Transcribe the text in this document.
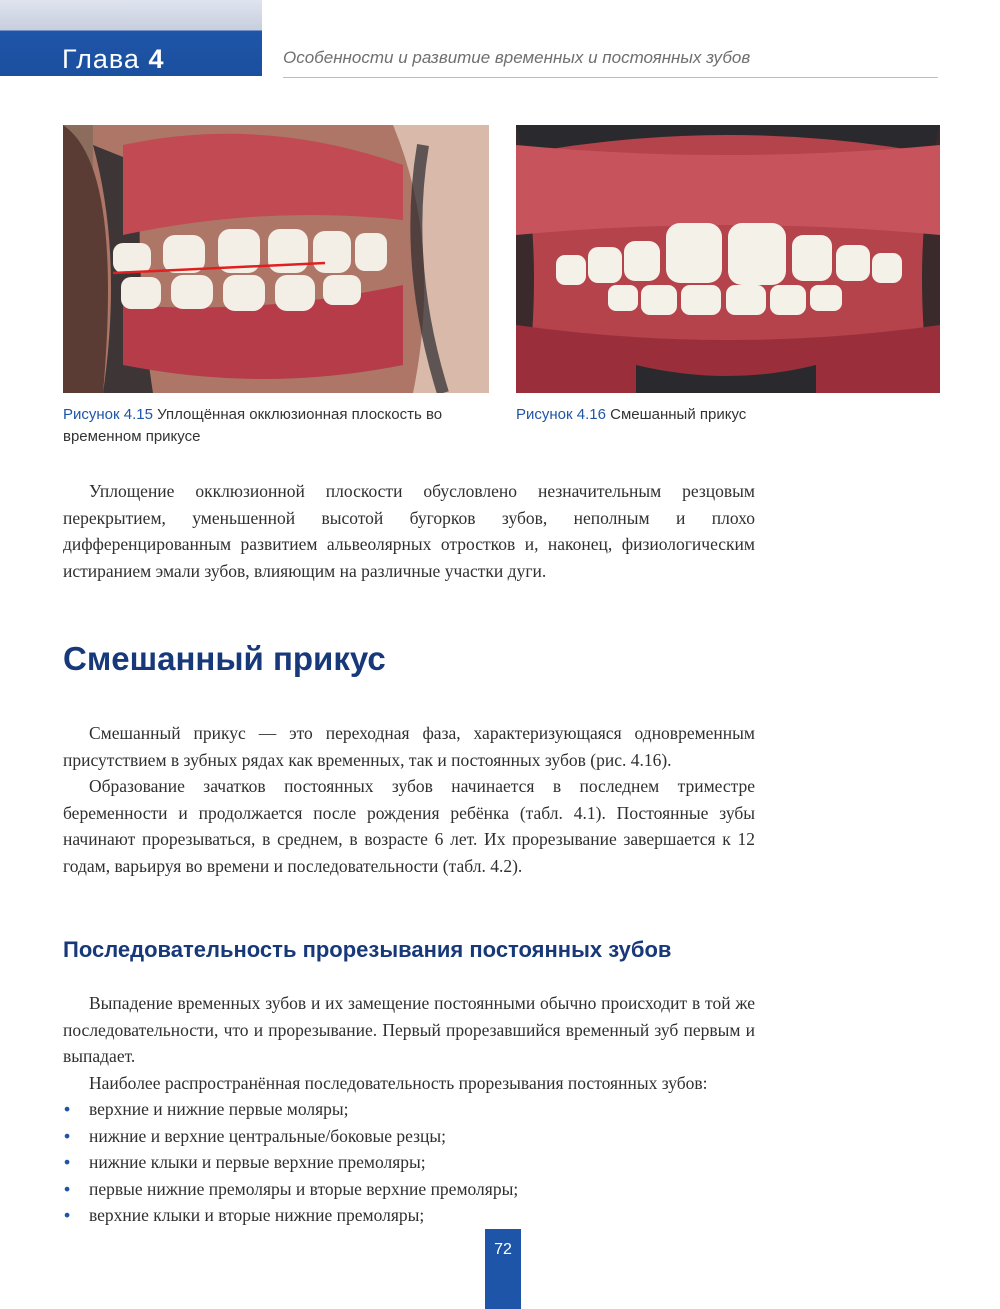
Глава 4	Особенности и развитие временных и постоянных зубов
Рисунок 4.15 Уплощённая окклюзионная плоскость во временном прикусе
Рисунок 4.16 Смешанный прикус

Уплощение окклюзионной плоскости обусловлено незначительным резцовым перекрытием, уменьшенной высотой бугорков зубов, неполным и плохо дифференцированным развитием альвеолярных отростков и, наконец, физиологическим истиранием эмали зубов, влияющим на различные участки дуги.

Смешанный прикус

Смешанный прикус — это переходная фаза, характеризующаяся одновременным присутствием в зубных рядах как временных, так и постоянных зубов (рис. 4.16).

Образование зачатков постоянных зубов начинается в последнем триместре беременности и продолжается после рождения ребёнка (табл. 4.1). Постоянные зубы начинают прорезываться, в среднем, в возрасте 6 лет. Их прорезывание завершается к 12 годам, варьируя во времени и последовательности (табл. 4.2).

Последовательность прорезывания постоянных зубов

Выпадение временных зубов и их замещение постоянными обычно происходит в той же последовательности, что и прорезывание. Первый прорезавшийся временный зуб первым и выпадает.

Наиболее распространённая последовательность прорезывания постоянных зубов:

• верхние и нижние первые моляры;
• нижние и верхние центральные/боковые резцы;
• нижние клыки и первые верхние премоляры;
• первые нижние премоляры и вторые верхние премоляры;
• верхние клыки и вторые нижние премоляры;
72
